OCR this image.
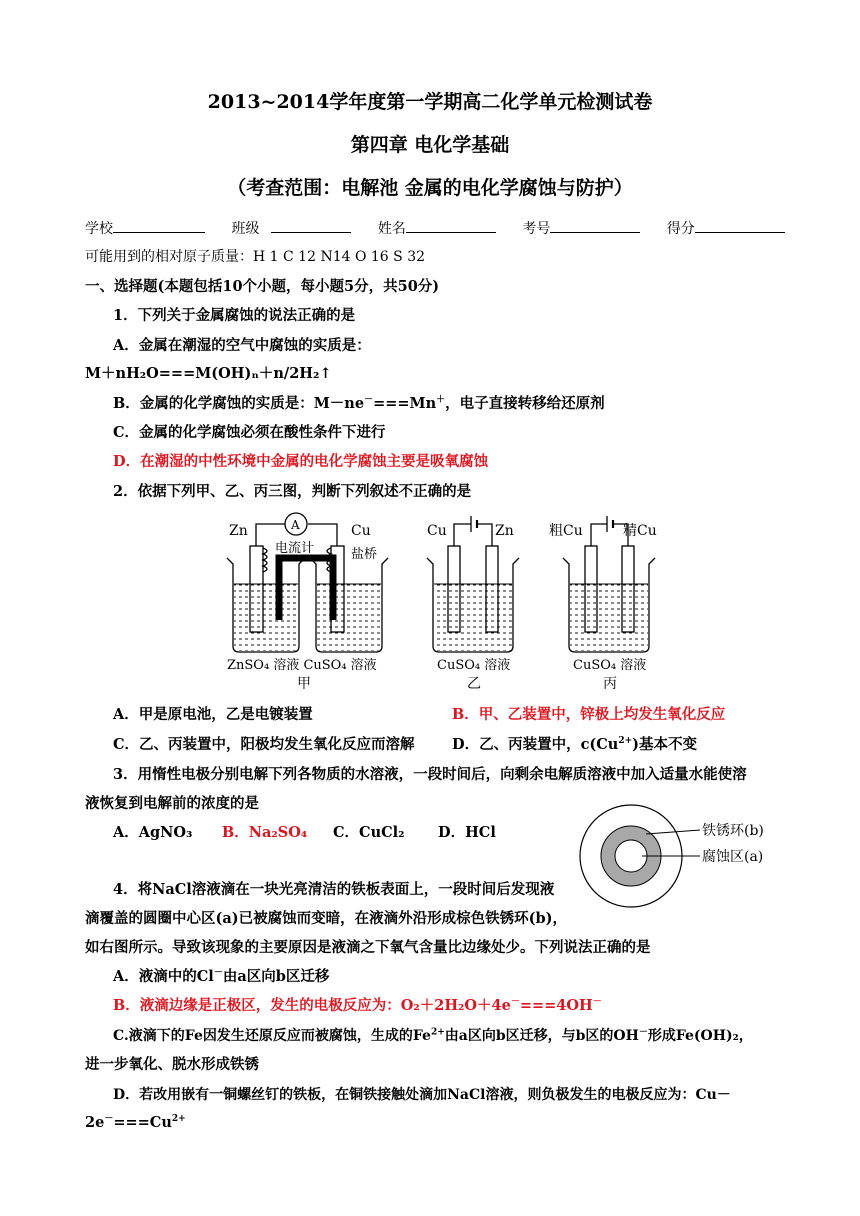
2013~2014学年度第一学期高二化学单元检测试卷
第四章 电化学基础
（考查范围：电解池 金属的电化学腐蚀与防护）
学校	班级	姓名	考号	得分
可能用到的相对原子质量：H 1 C 12 N14 O 16 S 32
一、选择题(本题包括10个小题，每小题5分，共50分)
1．下列关于金属腐蚀的说法正确的是
A．金属在潮湿的空气中腐蚀的实质是：
M＋nH₂O===M(OH)ₙ＋n/2H₂↑
B．金属的化学腐蚀的实质是：M－ne－===Mn＋，电子直接转移给还原剂
C．金属的化学腐蚀必须在酸性条件下进行
D．在潮湿的中性环境中金属的电化学腐蚀主要是吸氧腐蚀
2．依据下列甲、乙、丙三图，判断下列叙述不正确的是
Zn	Cu
A
电流计	盐桥
ZnSO₄ 溶液 CuSO₄ 溶液
甲
Cu	Zn
CuSO₄ 溶液
乙
粗Cu	精Cu
CuSO₄ 溶液
丙
A．甲是原电池，乙是电镀装置	B．甲、乙装置中，锌极上均发生氧化反应
C．乙、丙装置中，阳极均发生氧化反应而溶解	D．乙、丙装置中，$c(Cu^{2+})$基本不变
3．用惰性电极分别电解下列各物质的水溶液，一段时间后，向剩余电解质溶液中加入适量水能使溶
液恢复到电解前的浓度的是
A．AgNO₃ B．Na₂SO₄ C．CuCl₂ D．HCl	铁锈环(b)
腐蚀区(a)
4．将NaCl溶液滴在一块光亮清洁的铁板表面上，一段时间后发现液
滴覆盖的圆圈中心区(a)已被腐蚀而变暗，在液滴外沿形成棕色铁锈环(b)，
如右图所示。导致该现象的主要原因是液滴之下氧气含量比边缘处少。下列说法正确的是
A．液滴中的Cl－由a区向b区迁移
B．液滴边缘是正极区，发生的电极反应为：O₂＋2H₂O＋4e－===4OH－
C.液滴下的Fe因发生还原反应而被腐蚀，生成的$Fe^{2+}$由a区向b区迁移，与b区的OH－形成Fe(OH)₂，
进一步氧化、脱水形成铁锈
D．若改用嵌有一铜螺丝钉的铁板，在铜铁接触处滴加NaCl溶液，则负极发生的电极反应为：Cu－
$2e^-===Cu^{2+}$
